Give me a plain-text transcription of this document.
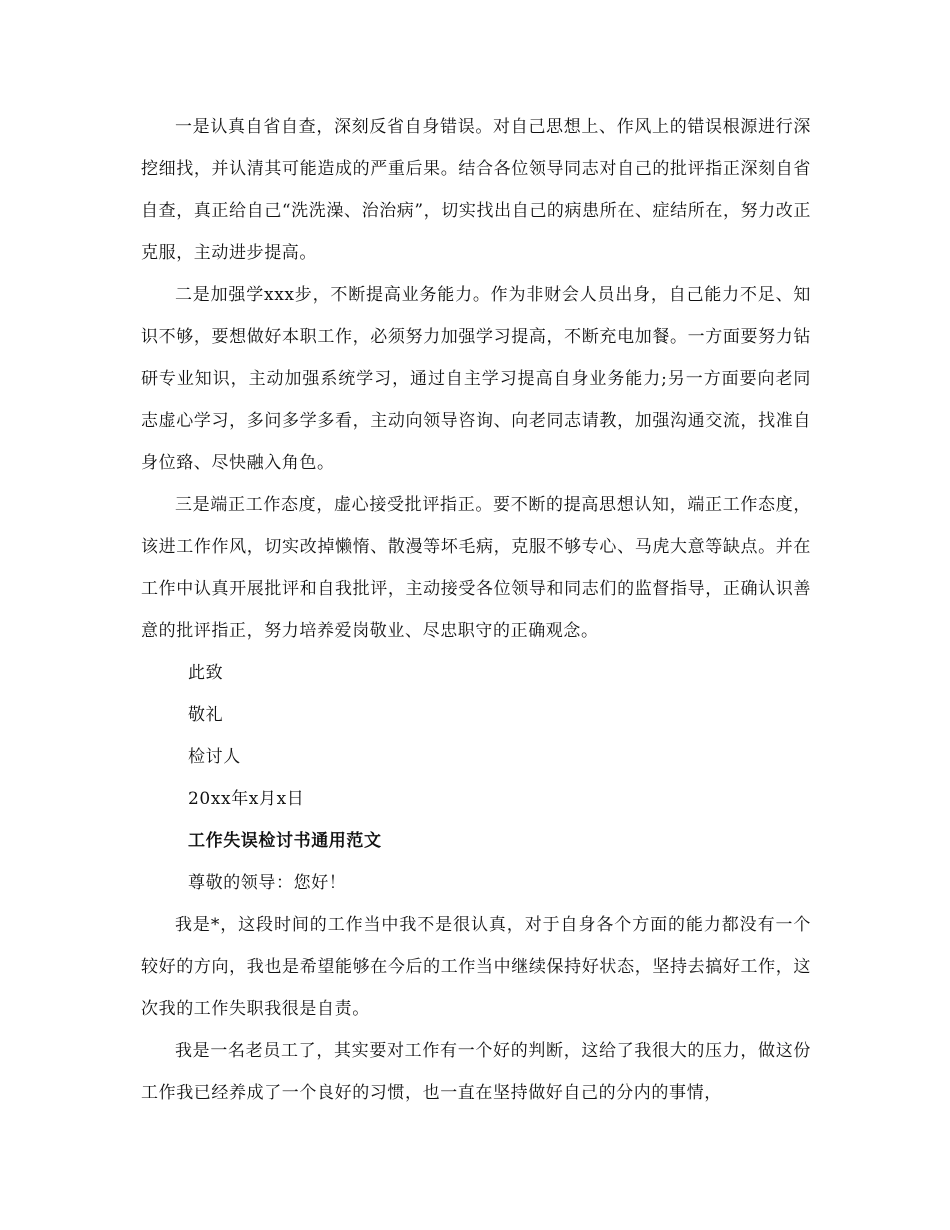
一是认真自省自查，深刻反省自身错误。对自己思想上、作风上的错误根源进行深挖细找，并认清其可能造成的严重后果。结合各位领导同志对自己的批评指正深刻自省自查，真正给自己“洗洗澡、治治病”，切实找出自己的病患所在、症结所在，努力改正克服，主动进步提高。

二是加强学xxx步，不断提高业务能力。作为非财会人员出身，自己能力不足、知识不够，要想做好本职工作，必须努力加强学习提高，不断充电加餐。一方面要努力钻研专业知识，主动加强系统学习，通过自主学习提高自身业务能力;另一方面要向老同志虚心学习，多问多学多看，主动向领导咨询、向老同志请教，加强沟通交流，找准自身位臵、尽快融入角色。

三是端正工作态度，虚心接受批评指正。要不断的提高思想认知，端正工作态度，该进工作作风，切实改掉懒惰、散漫等坏毛病，克服不够专心、马虎大意等缺点。并在工作中认真开展批评和自我批评，主动接受各位领导和同志们的监督指导，正确认识善意的批评指正，努力培养爱岗敬业、尽忠职守的正确观念。

此致

敬礼

检讨人

20xx年x月x日

工作失误检讨书通用范文

尊敬的领导：您好！

我是*，这段时间的工作当中我不是很认真，对于自身各个方面的能力都没有一个较好的方向，我也是希望能够在今后的工作当中继续保持好状态，坚持去搞好工作，这次我的工作失职我很是自责。

我是一名老员工了，其实要对工作有一个好的判断，这给了我很大的压力，做这份工作我已经养成了一个良好的习惯，也一直在坚持做好自己的分内的事情，
